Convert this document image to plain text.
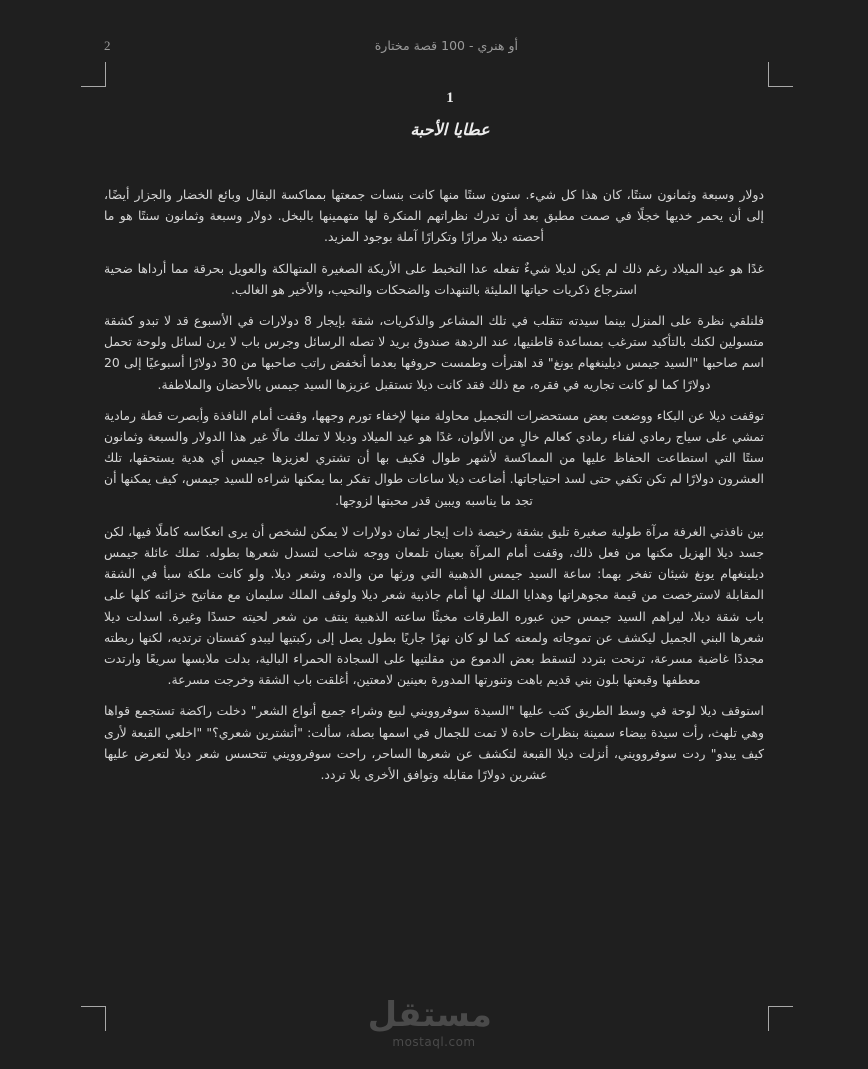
2	أو هنري - 100 قصة مختارة
1
عطايا الأحبة

دولار وسبعة وثمانون سنتًا، كان هذا كل شيء. ستون سنتًا منها كانت بنسات جمعتها بمماكسة البقال وبائع الخضار والجزار أيضًا، إلى أن يحمر خديها خجلًا في صمت مطبق بعد أن تدرك نظراتهم المنكرة لها متهمينها بالبخل. دولار وسبعة وثمانون سنتًا هو ما أحصته ديلا مرارًا وتكرارًا آملة بوجود المزيد.

غدًا هو عيد الميلاد رغم ذلك لم يكن لديلا شيءٌ تفعله عدا التخبط على الأريكة الصغيرة المتهالكة والعويل بحرقة مما أرداها ضحية استرجاع ذكريات حياتها المليئة بالتنهدات والضحكات والنحيب، والأخير هو الغالب.

فلنلقي نظرة على المنزل بينما سيدته تتقلب في تلك المشاعر والذكريات، شقة بإيجار 8 دولارات في الأسبوع قد لا تبدو كشقة متسولين لكنك بالتأكيد سترغب بمساعدة قاطنيها، عند الردهة صندوق بريد لا تصله الرسائل وجرس باب لا يرن لسائل ولوحة تحمل اسم صاحبها "السيد جيمس ديلينغهام يونغ" قد اهترأت وطمست حروفها بعدما أنخفض راتب صاحبها من 30 دولارًا أسبوعيًا إلى 20 دولارًا كما لو كانت تجاريه في فقره، مع ذلك فقد كانت ديلا تستقبل عزيزها السيد جيمس بالأحضان والملاطفة.

توقفت ديلا عن البكاء ووضعت بعض مستحضرات التجميل محاولة منها لإخفاء تورم وجهها، وقفت أمام النافذة وأبصرت قطة رمادية تمشي على سياج رمادي لفناء رمادي كعالم خالٍ من الألوان، غدًا هو عيد الميلاد وديلا لا تملك مالًا غير هذا الدولار والسبعة وثمانون سنتًا التي استطاعت الحفاظ عليها من المماكسة لأشهر طوال فكيف بها أن تشتري لعزيزها جيمس أي هدية يستحقها، تلك العشرون دولارًا لم تكن تكفي حتى لسد احتياجاتها. أضاعت ديلا ساعات طوال تفكر بما يمكنها شراءه للسيد جيمس، كيف يمكنها أن تجد ما يناسبه ويبين قدر محبتها لزوجها.

بين نافذتي الغرفة مرآة طولية صغيرة تليق بشقة رخيصة ذات إيجار ثمان دولارات لا يمكن لشخص أن يرى انعكاسه كاملًا فيها، لكن جسد ديلا الهزيل مكنها من فعل ذلك، وقفت أمام المرآة بعينان تلمعان ووجه شاحب لتسدل شعرها بطوله. تملك عائلة جيمس ديلينغهام يونغ شيئان تفخر بهما: ساعة السيد جيمس الذهبية التي ورثها من والده، وشعر ديلا. ولو كانت ملكة سبأ في الشقة المقابلة لاسترخصت من قيمة مجوهراتها وهدايا الملك لها أمام جاذبية شعر ديلا ولوقف الملك سليمان مع مفاتيح خزائنه كلها على باب شقة ديلا، ليراهم السيد جيمس حين عبوره الطرقات مخبئًا ساعته الذهبية ينتف من شعر لحيته حسدًا وغيرة. اسدلت ديلا شعرها البني الجميل ليكشف عن تموجاته ولمعته كما لو كان نهرًا جاريًا بطول يصل إلى ركبتيها ليبدو كفستان ترتديه، لكنها ربطته مجددًا غاضبة مسرعة، ترنحت بتردد لتسقط بعض الدموع من مقلتيها على السجادة الحمراء البالية، بدلت ملابسها سريعًا وارتدت معطفها وقبعتها بلون بني قديم باهت وتنورتها المدورة بعينين لامعتين، أغلقت باب الشقة وخرجت مسرعة.

استوقف ديلا لوحة في وسط الطريق كتب عليها "السيدة سوفروويني لبيع وشراء جميع أنواع الشعر" دخلت راكضة تستجمع قواها وهي تلهث، رأت سيدة بيضاء سمينة بنظرات حادة لا تمت للجمال في اسمها بصلة، سألت: "أتشترين شعري؟" "اخلعي القبعة لأرى كيف يبدو" ردت سوفروويني، أنزلت ديلا القبعة لتكشف عن شعرها الساحر، راحت سوفروويني تتحسس شعر ديلا لتعرض عليها عشرين دولارًا مقابله وتوافق الأخرى بلا تردد.

مستقل
mostaql.com
